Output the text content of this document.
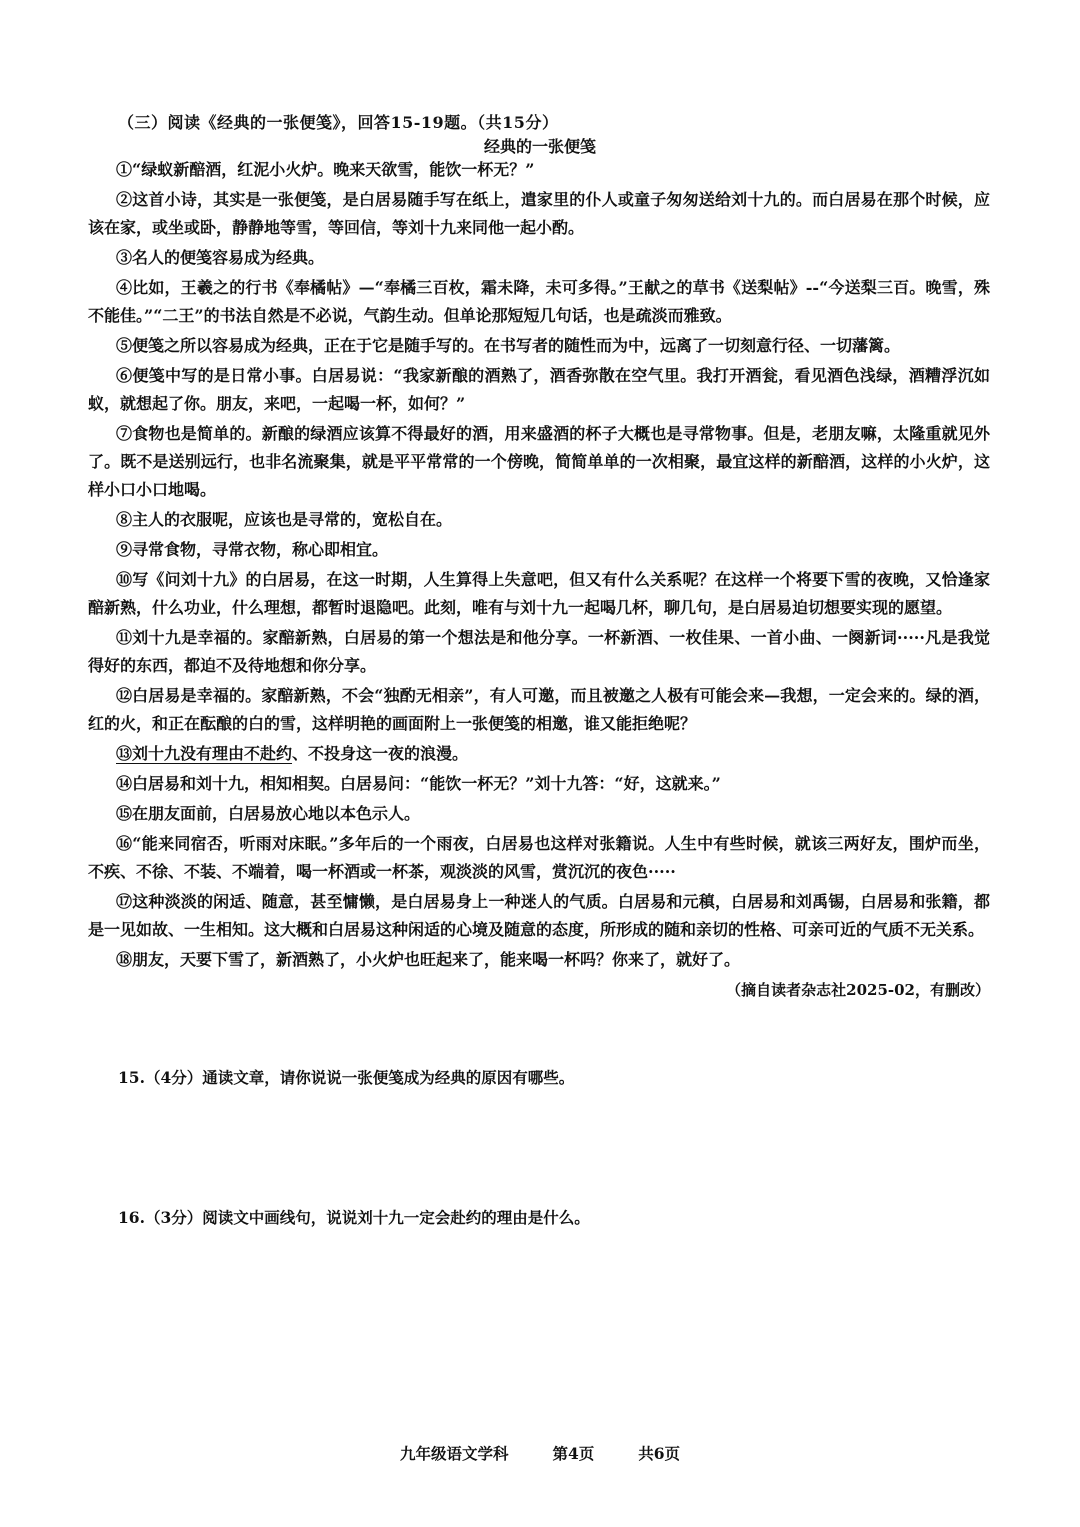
（三）阅读《经典的一张便笺》，回答15-19题。（共15分）
经典的一张便笺

①“绿蚁新醅酒，红泥小火炉。晚来天欲雪，能饮一杯无？”

②这首小诗，其实是一张便笺，是白居易随手写在纸上，遣家里的仆人或童子匆匆送给刘十九的。而白居易在那个时候，应该在家，或坐或卧，静静地等雪，等回信，等刘十九来同他一起小酌。

③名人的便笺容易成为经典。

④比如，王羲之的行书《奉橘帖》—“奉橘三百枚，霜未降，未可多得。”王献之的草书《送梨帖》--“今送梨三百。晚雪，殊不能佳。”“二王”的书法自然是不必说，气韵生动。但单论那短短几句话，也是疏淡而雅致。

⑤便笺之所以容易成为经典，正在于它是随手写的。在书写者的随性而为中，远离了一切刻意行径、一切藩篱。

⑥便笺中写的是日常小事。白居易说：“我家新酿的酒熟了，酒香弥散在空气里。我打开酒瓮，看见酒色浅绿，酒糟浮沉如蚁，就想起了你。朋友，来吧，一起喝一杯，如何？”

⑦食物也是简单的。新酿的绿酒应该算不得最好的酒，用来盛酒的杯子大概也是寻常物事。但是，老朋友嘛，太隆重就见外了。既不是送别远行，也非名流聚集，就是平平常常的一个傍晚，简简单单的一次相聚，最宜这样的新醅酒，这样的小火炉，这样小口小口地喝。

⑧主人的衣服呢，应该也是寻常的，宽松自在。

⑨寻常食物，寻常衣物，称心即相宜。

⑩写《问刘十九》的白居易，在这一时期，人生算得上失意吧，但又有什么关系呢？在这样一个将要下雪的夜晚，又恰逢家醅新熟，什么功业，什么理想，都暂时退隐吧。此刻，唯有与刘十九一起喝几杯，聊几句，是白居易迫切想要实现的愿望。

⑪刘十九是幸福的。家醅新熟，白居易的第一个想法是和他分享。一杯新酒、一枚佳果、一首小曲、一阕新词·····凡是我觉得好的东西，都迫不及待地想和你分享。

⑫白居易是幸福的。家醅新熟，不会“独酌无相亲”，有人可邀，而且被邀之人极有可能会来—我想，一定会来的。绿的酒，红的火，和正在酝酿的白的雪，这样明艳的画面附上一张便笺的相邀，谁又能拒绝呢？

⑬刘十九没有理由不赴约、不投身这一夜的浪漫。

⑭白居易和刘十九，相知相契。白居易问：“能饮一杯无？”刘十九答：“好，这就来。”

⑮在朋友面前，白居易放心地以本色示人。

⑯“能来同宿否，听雨对床眠。”多年后的一个雨夜，白居易也这样对张籍说。人生中有些时候，就该三两好友，围炉而坐，不疾、不徐、不装、不端着，喝一杯酒或一杯茶，观淡淡的风雪，赏沉沉的夜色·····

⑰这种淡淡的闲适、随意，甚至慵懒，是白居易身上一种迷人的气质。白居易和元稹，白居易和刘禹锡，白居易和张籍，都是一见如故、一生相知。这大概和白居易这种闲适的心境及随意的态度，所形成的随和亲切的性格、可亲可近的气质不无关系。

⑱朋友，天要下雪了，新酒熟了，小火炉也旺起来了，能来喝一杯吗？你来了，就好了。

（摘自读者杂志社2025-02，有删改）
15.（4分）通读文章，请你说说一张便笺成为经典的原因有哪些。
16.（3分）阅读文中画线句，说说刘十九一定会赴约的理由是什么。
九年级语文学科	第4页	共6页
